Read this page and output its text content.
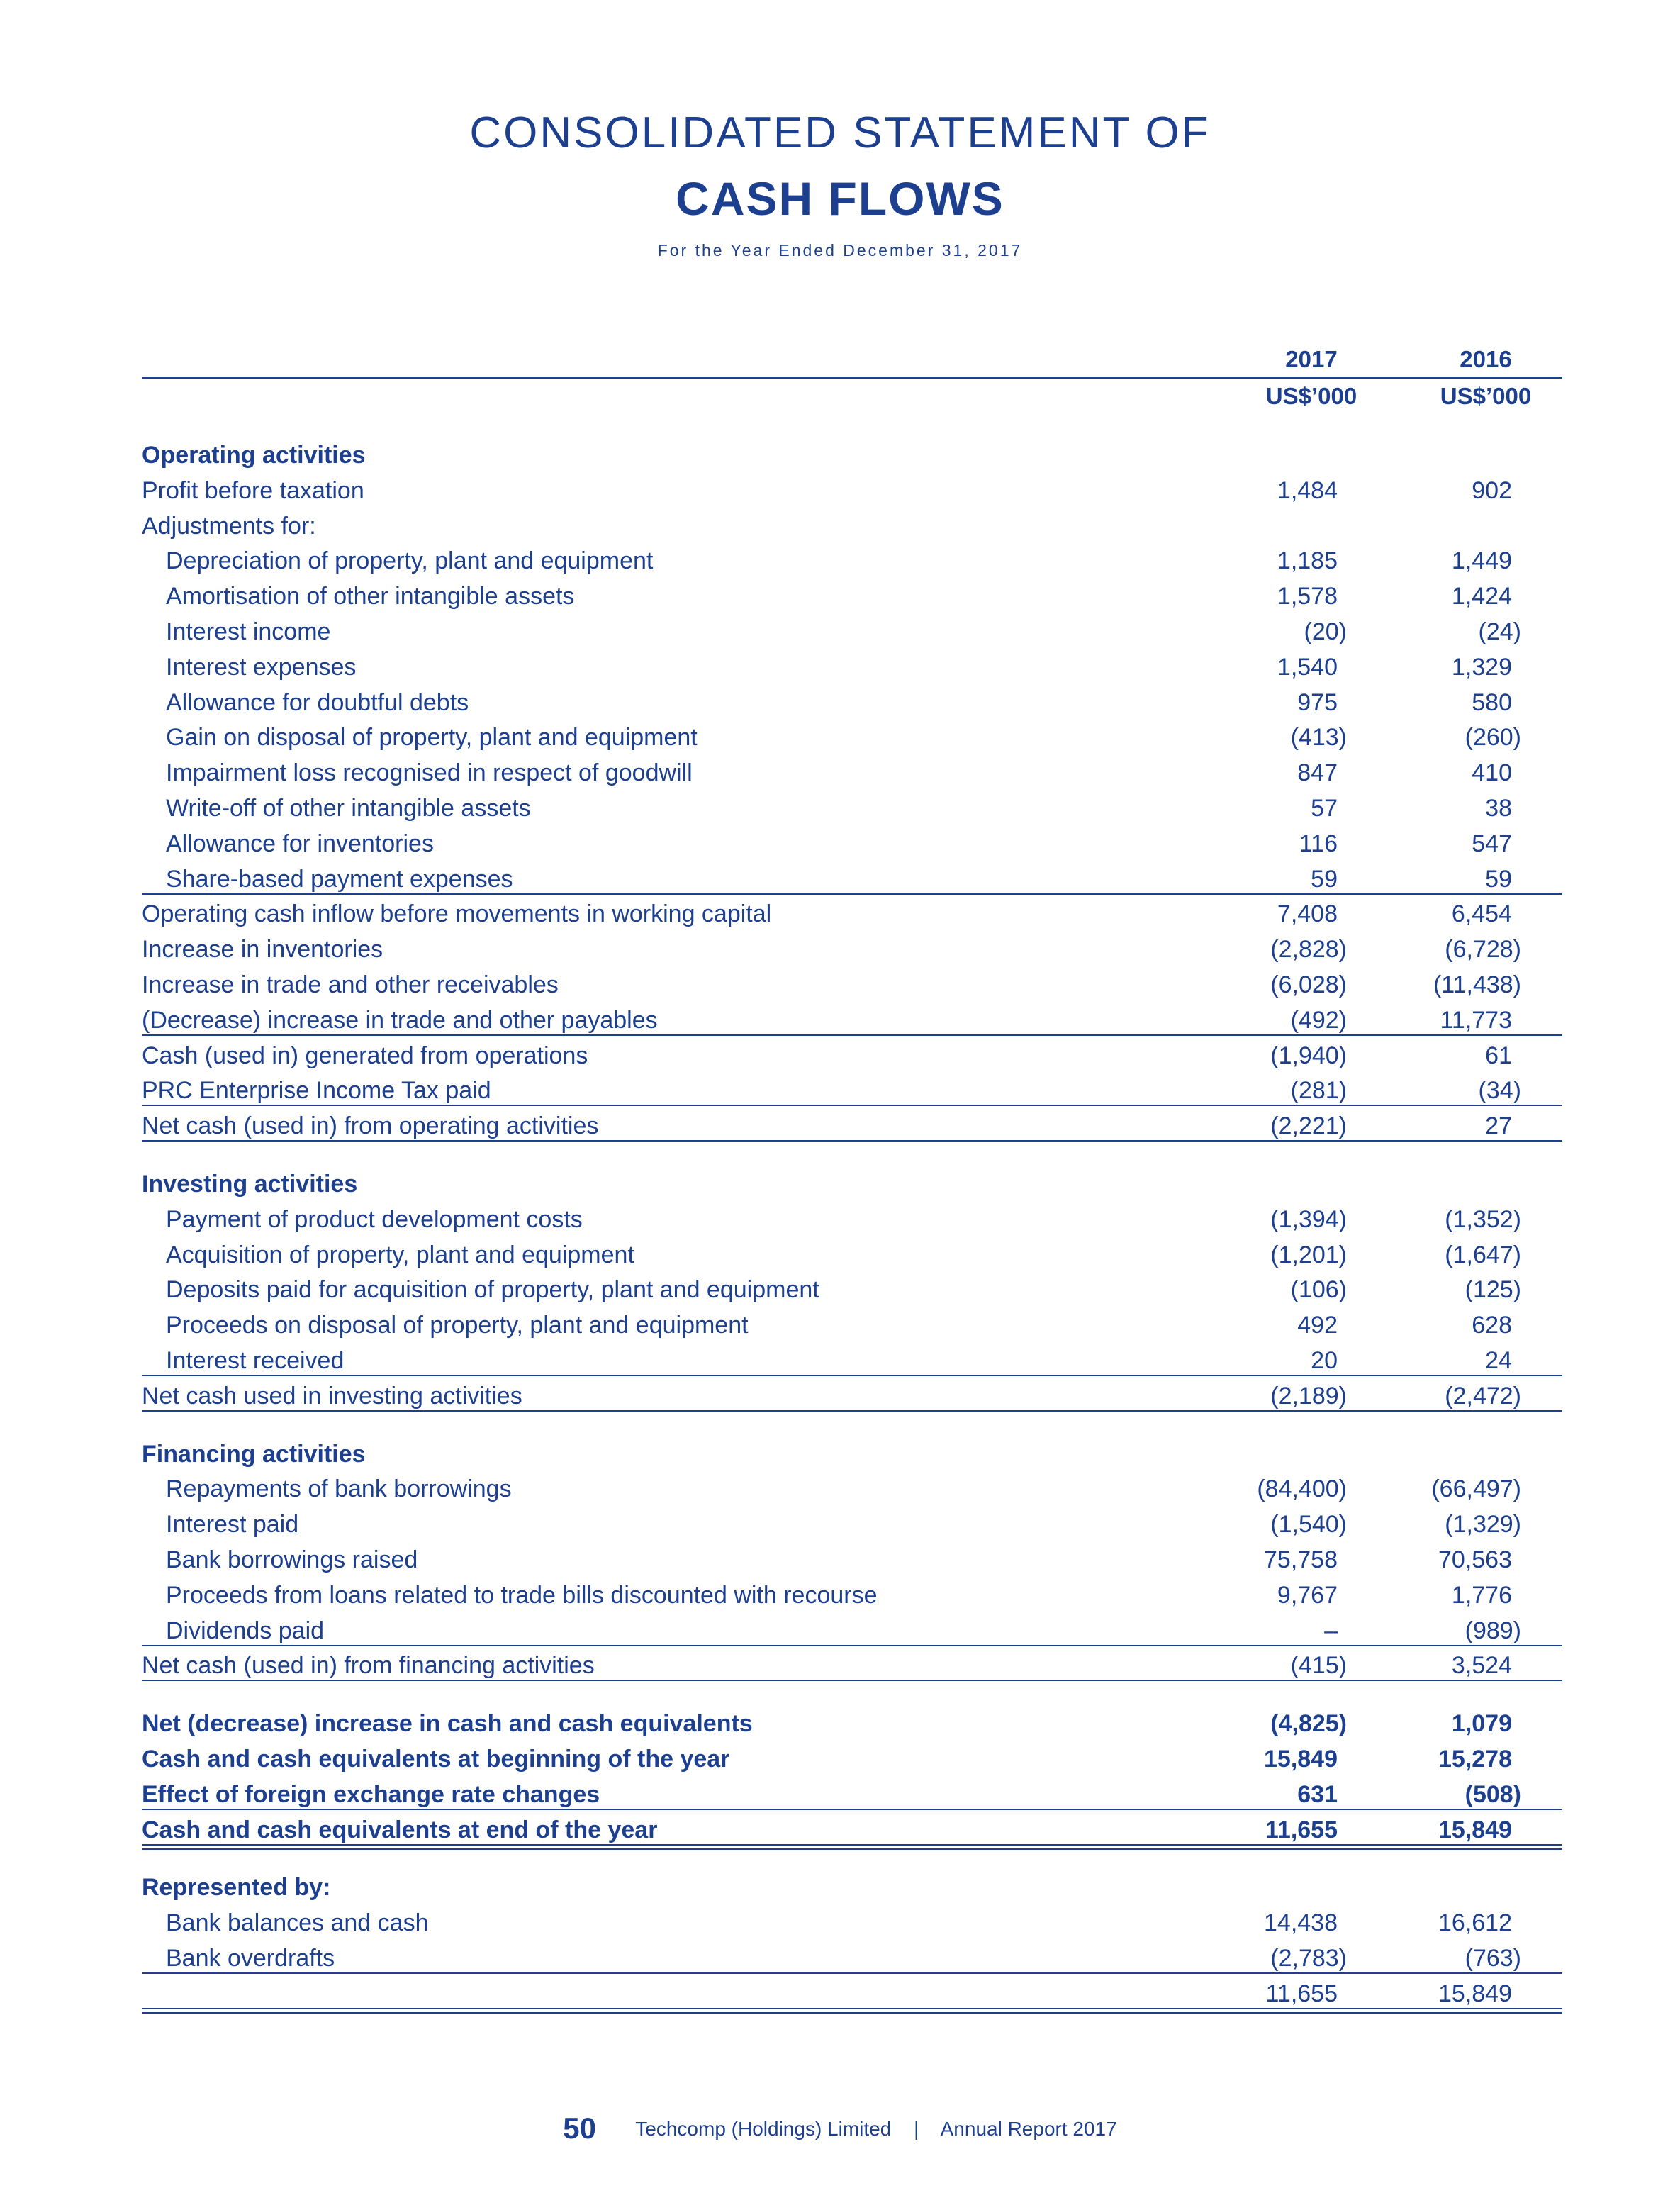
CONSOLIDATED STATEMENT OF
CASH FLOWS
For the Year Ended December 31, 2017
2017	2016
US$’000	US$’000
Operating activities
Profit before taxation	1,484	902
Adjustments for:
Depreciation of property, plant and equipment	1,185	1,449
Amortisation of other intangible assets	1,578	1,424
Interest income	(20)	(24)
Interest expenses	1,540	1,329
Allowance for doubtful debts	975	580
Gain on disposal of property, plant and equipment	(413)	(260)
Impairment loss recognised in respect of goodwill	847	410
Write-off of other intangible assets	57	38
Allowance for inventories	116	547
Share-based payment expenses	59	59
Operating cash inflow before movements in working capital	7,408	6,454
Increase in inventories	(2,828)	(6,728)
Increase in trade and other receivables	(6,028)	(11,438)
(Decrease) increase in trade and other payables	(492)	11,773
Cash (used in) generated from operations	(1,940)	61
PRC Enterprise Income Tax paid	(281)	(34)
Net cash (used in) from operating activities	(2,221)	27
Investing activities
Payment of product development costs	(1,394)	(1,352)
Acquisition of property, plant and equipment	(1,201)	(1,647)
Deposits paid for acquisition of property, plant and equipment	(106)	(125)
Proceeds on disposal of property, plant and equipment	492	628
Interest received	20	24
Net cash used in investing activities	(2,189)	(2,472)
Financing activities
Repayments of bank borrowings	(84,400)	(66,497)
Interest paid	(1,540)	(1,329)
Bank borrowings raised	75,758	70,563
Proceeds from loans related to trade bills discounted with recourse	9,767	1,776
Dividends paid	–	(989)
Net cash (used in) from financing activities	(415)	3,524
Net (decrease) increase in cash and cash equivalents	(4,825)	1,079
Cash and cash equivalents at beginning of the year	15,849	15,278
Effect of foreign exchange rate changes	631	(508)
Cash and cash equivalents at end of the year	11,655	15,849
Represented by:
Bank balances and cash	14,438	16,612
Bank overdrafts	(2,783)	(763)
11,655	15,849
50 Techcomp (Holdings) Limited | Annual Report 2017
